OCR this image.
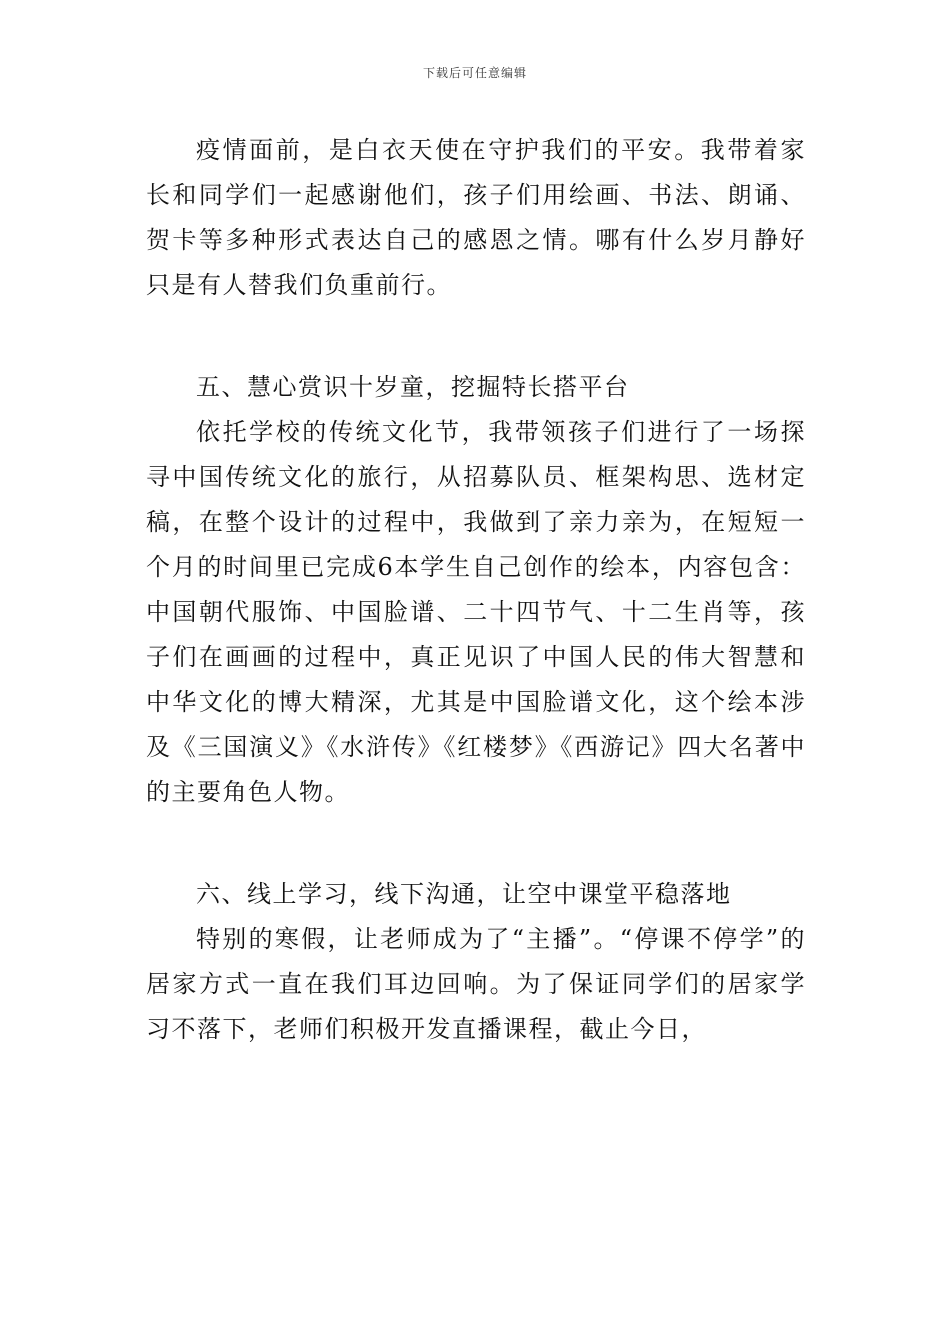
下载后可任意编辑

疫情面前，是白衣天使在守护我们的平安。我带着家长和同学们一起感谢他们，孩子们用绘画、书法、朗诵、贺卡等多种形式表达自己的感恩之情。哪有什么岁月静好只是有人替我们负重前行。

五、慧心赏识十岁童，挖掘特长搭平台

依托学校的传统文化节，我带领孩子们进行了一场探寻中国传统文化的旅行，从招募队员、框架构思、选材定稿，在整个设计的过程中，我做到了亲力亲为，在短短一个月的时间里已完成6本学生自己创作的绘本，内容包含：中国朝代服饰、中国脸谱、二十四节气、十二生肖等，孩子们在画画的过程中，真正见识了中国人民的伟大智慧和中华文化的博大精深，尤其是中国脸谱文化，这个绘本涉及《三国演义》《水浒传》《红楼梦》《西游记》四大名著中的主要角色人物。

六、线上学习，线下沟通，让空中课堂平稳落地

特别的寒假，让老师成为了“主播”。“停课不停学”的居家方式一直在我们耳边回响。为了保证同学们的居家学习不落下，老师们积极开发直播课程，截止今日，
